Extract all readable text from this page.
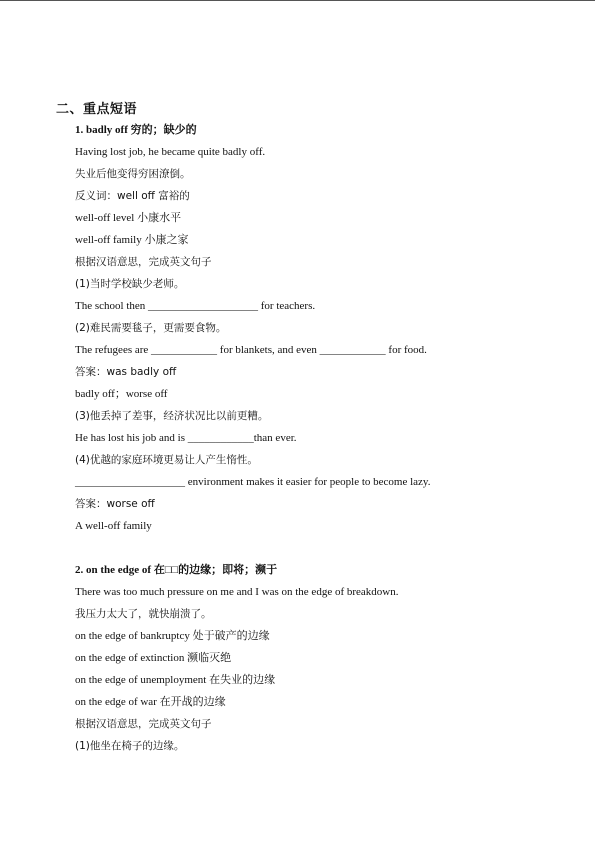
二、重点短语
1. badly off 穷的；缺少的
Having lost job, he became quite badly off.
失业后他变得穷困潦倒。
反义词：well off 富裕的
well-off level 小康水平
well-off family 小康之家
根据汉语意思，完成英文句子
(1)当时学校缺少老师。
The school then ____________________ for teachers.
(2)难民需要毯子，更需要食物。
The refugees are ____________ for blankets, and even ____________ for food.
答案：was badly off
badly off；worse off
(3)他丢掉了差事，经济状况比以前更糟。
He has lost his job and is ____________than ever.
(4)优越的家庭环境更易让人产生惰性。
____________________ environment makes it easier for people to become lazy.
答案：worse off
A well-off family
2. on the edge of 在□□的边缘；即将；濒于
There was too much pressure on me and I was on the edge of breakdown.
我压力太大了，就快崩溃了。
on the edge of bankruptcy 处于破产的边缘
on the edge of extinction 濒临灭绝
on the edge of unemployment 在失业的边缘
on the edge of war 在开战的边缘
根据汉语意思，完成英文句子
(1)他坐在椅子的边缘。
